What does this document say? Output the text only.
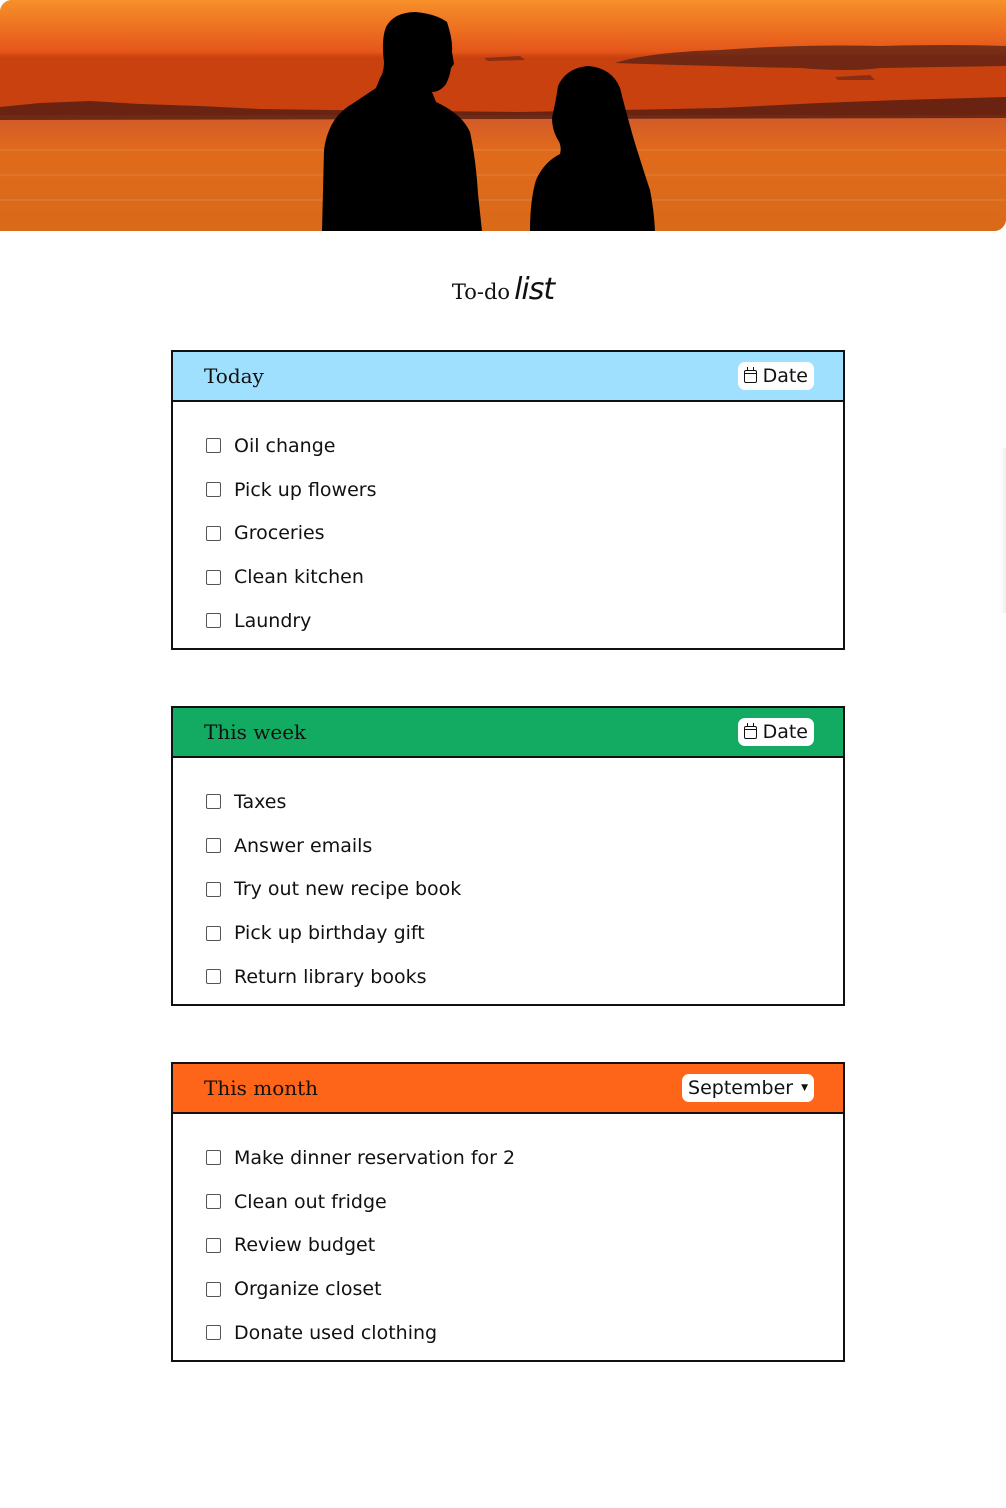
To-do list
Today	Date
Oil change
Pick up flowers
Groceries
Clean kitchen
Laundry
This week	Date
Taxes
Answer emails
Try out new recipe book
Pick up birthday gift
Return library books
This month	September ▼
Make dinner reservation for 2
Clean out fridge
Review budget
Organize closet
Donate used clothing
